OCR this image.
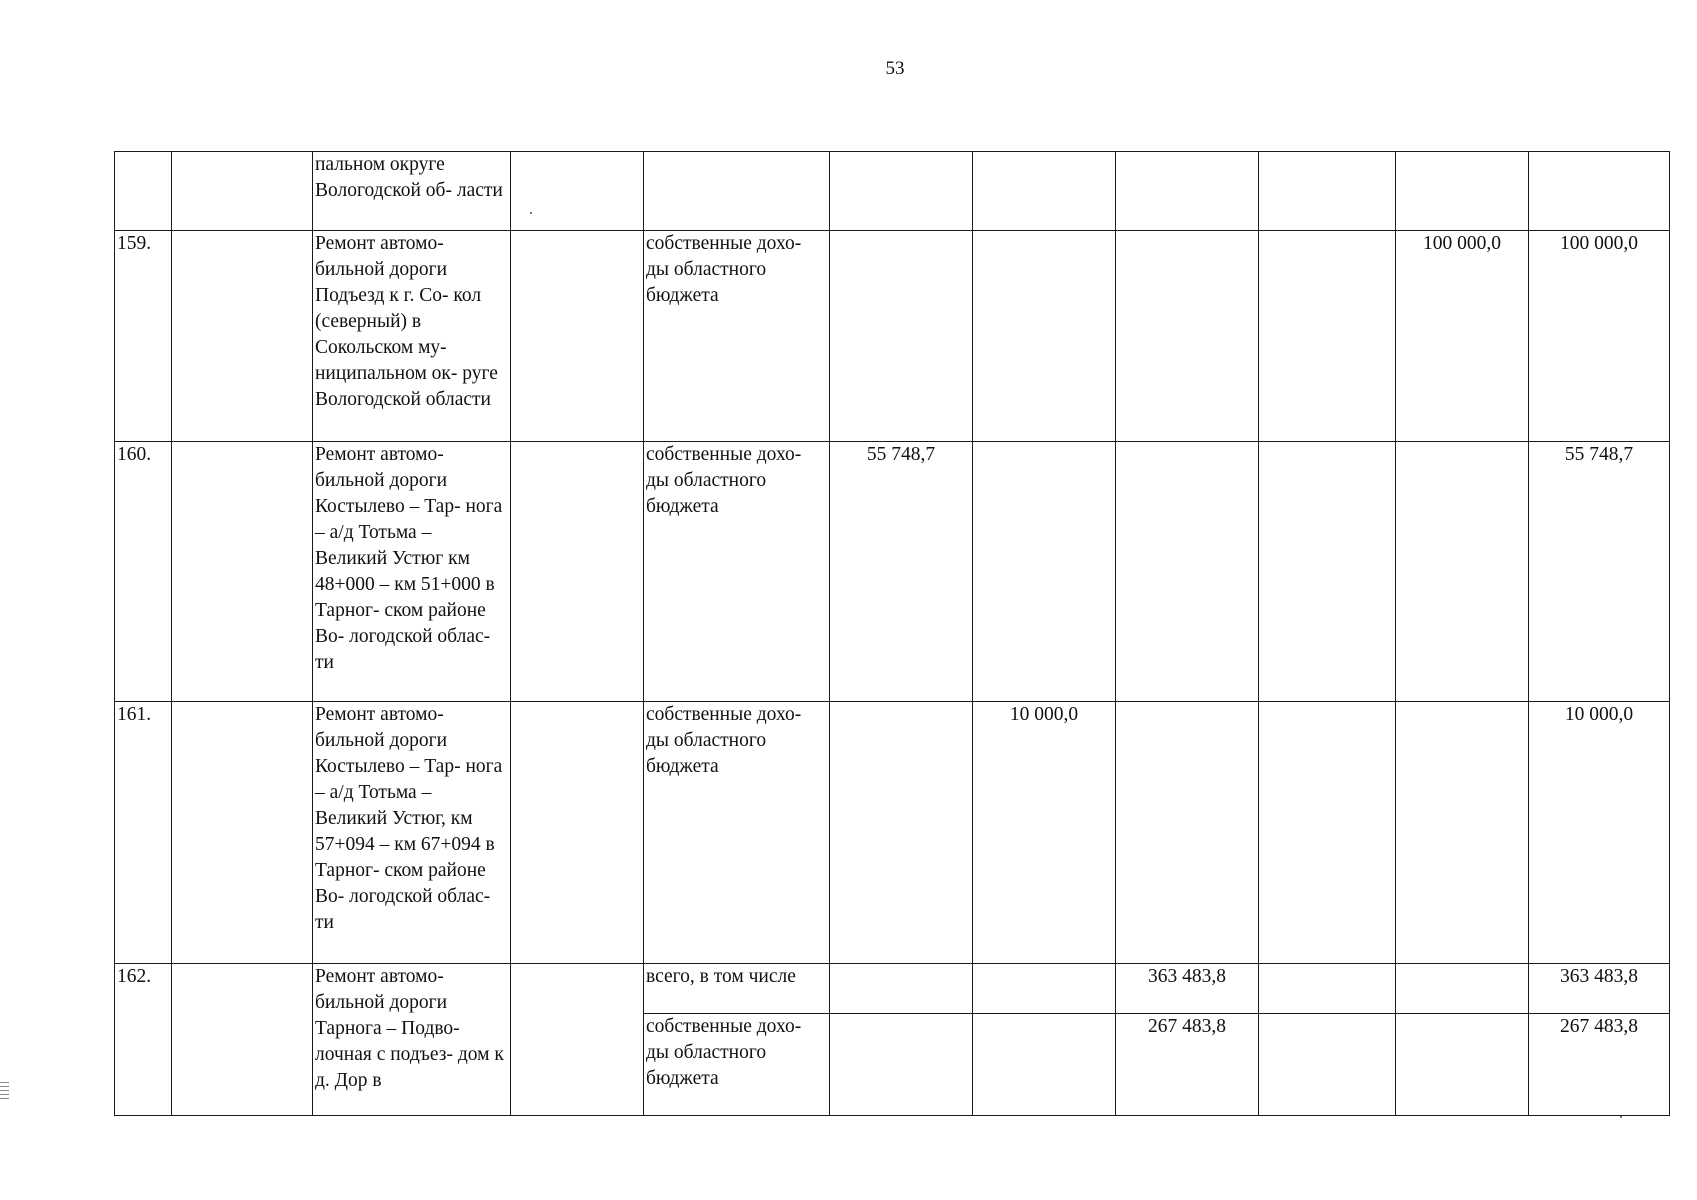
53
		пальном округе Вологодской об- ласти								
159.		Ремонт автомо- бильной дороги Подъезд к г. Со- кол (северный) в Сокольском му- ниципальном ок- руге Вологодской области		собственные дохо- ды областного бюджета					100 000,0	100 000,0
160.		Ремонт автомо- бильной дороги Костылево – Тар- нога – а/д Тотьма – Великий Устюг км 48+000 – км 51+000 в Тарног- ском районе Во- логодской облас- ти		собственные дохо- ды областного бюджета	55 748,7					55 748,7
161.		Ремонт автомо- бильной дороги Костылево – Тар- нога – а/д Тотьма – Великий Устюг, км 57+094 – км 67+094 в Тарног- ском районе Во- логодской облас- ти		собственные дохо- ды областного бюджета		10 000,0				10 000,0
162.		Ремонт автомо- бильной дороги Тарнога – Подво- лочная с подъез- дом к д. Дор в		всего, в том числе			363 483,8			363 483,8
				собственные дохо- ды областного бюджета			267 483,8			267 483,8
